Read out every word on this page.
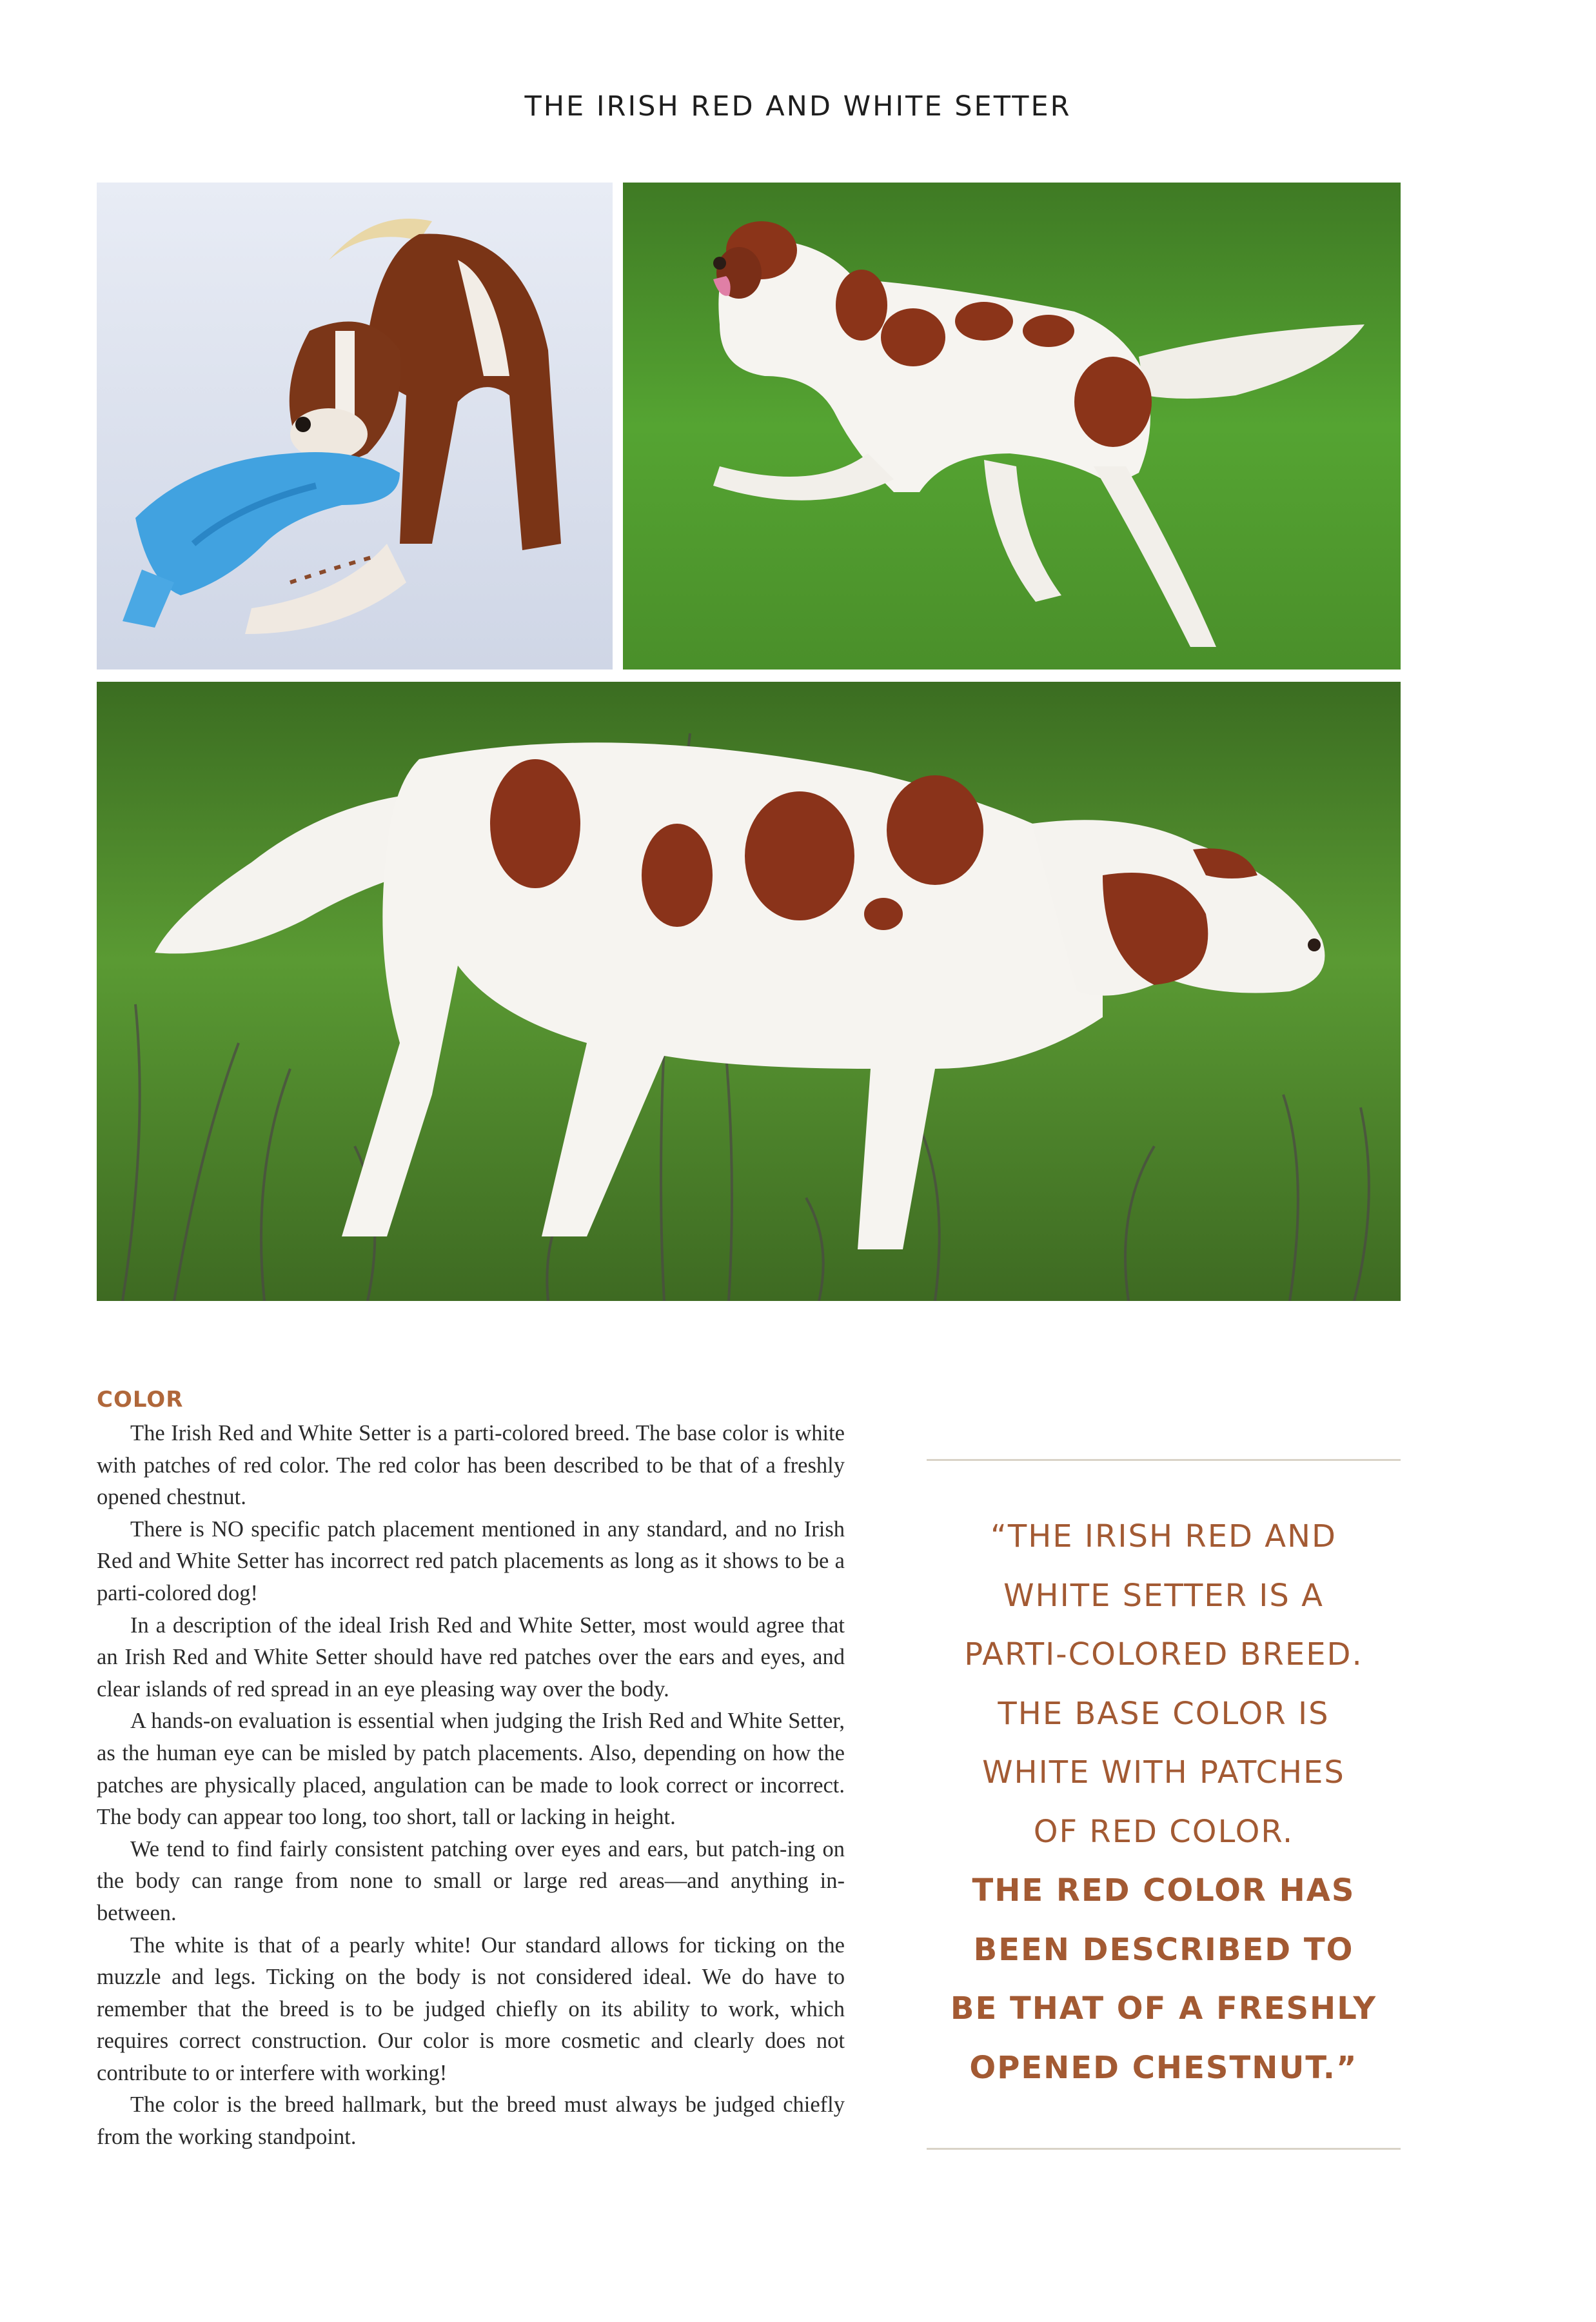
THE IRISH RED AND WHITE SETTER
COLOR

The Irish Red and White Setter is a parti-colored breed. The base color is white with patches of red color. The red color has been described to be that of a freshly opened chestnut.

There is NO specific patch placement mentioned in any standard, and no Irish Red and White Setter has incorrect red patch placements as long as it shows to be a parti-colored dog!

In a description of the ideal Irish Red and White Setter, most would agree that an Irish Red and White Setter should have red patches over the ears and eyes, and clear islands of red spread in an eye pleasing way over the body.

A hands-on evaluation is essential when judging the Irish Red and White Setter, as the human eye can be misled by patch placements. Also, depending on how the patches are physically placed, angulation can be made to look correct or incorrect. The body can appear too long, too short, tall or lacking in height.

We tend to find fairly consistent patching over eyes and ears, but patch-ing on the body can range from none to small or large red areas—and anything in-between.

The white is that of a pearly white! Our standard allows for ticking on the muzzle and legs. Ticking on the body is not considered ideal. We do have to remember that the breed is to be judged chiefly on its ability to work, which requires correct construction. Our color is more cosmetic and clearly does not contribute to or interfere with working!

The color is the breed hallmark, but the breed must always be judged chiefly from the working standpoint.

“THE IRISH RED AND
WHITE SETTER IS A
PARTI-COLORED BREED.
THE BASE COLOR IS
WHITE WITH PATCHES
OF RED COLOR.
THE RED COLOR HAS
BEEN DESCRIBED TO
BE THAT OF A FRESHLY
OPENED CHESTNUT.”
